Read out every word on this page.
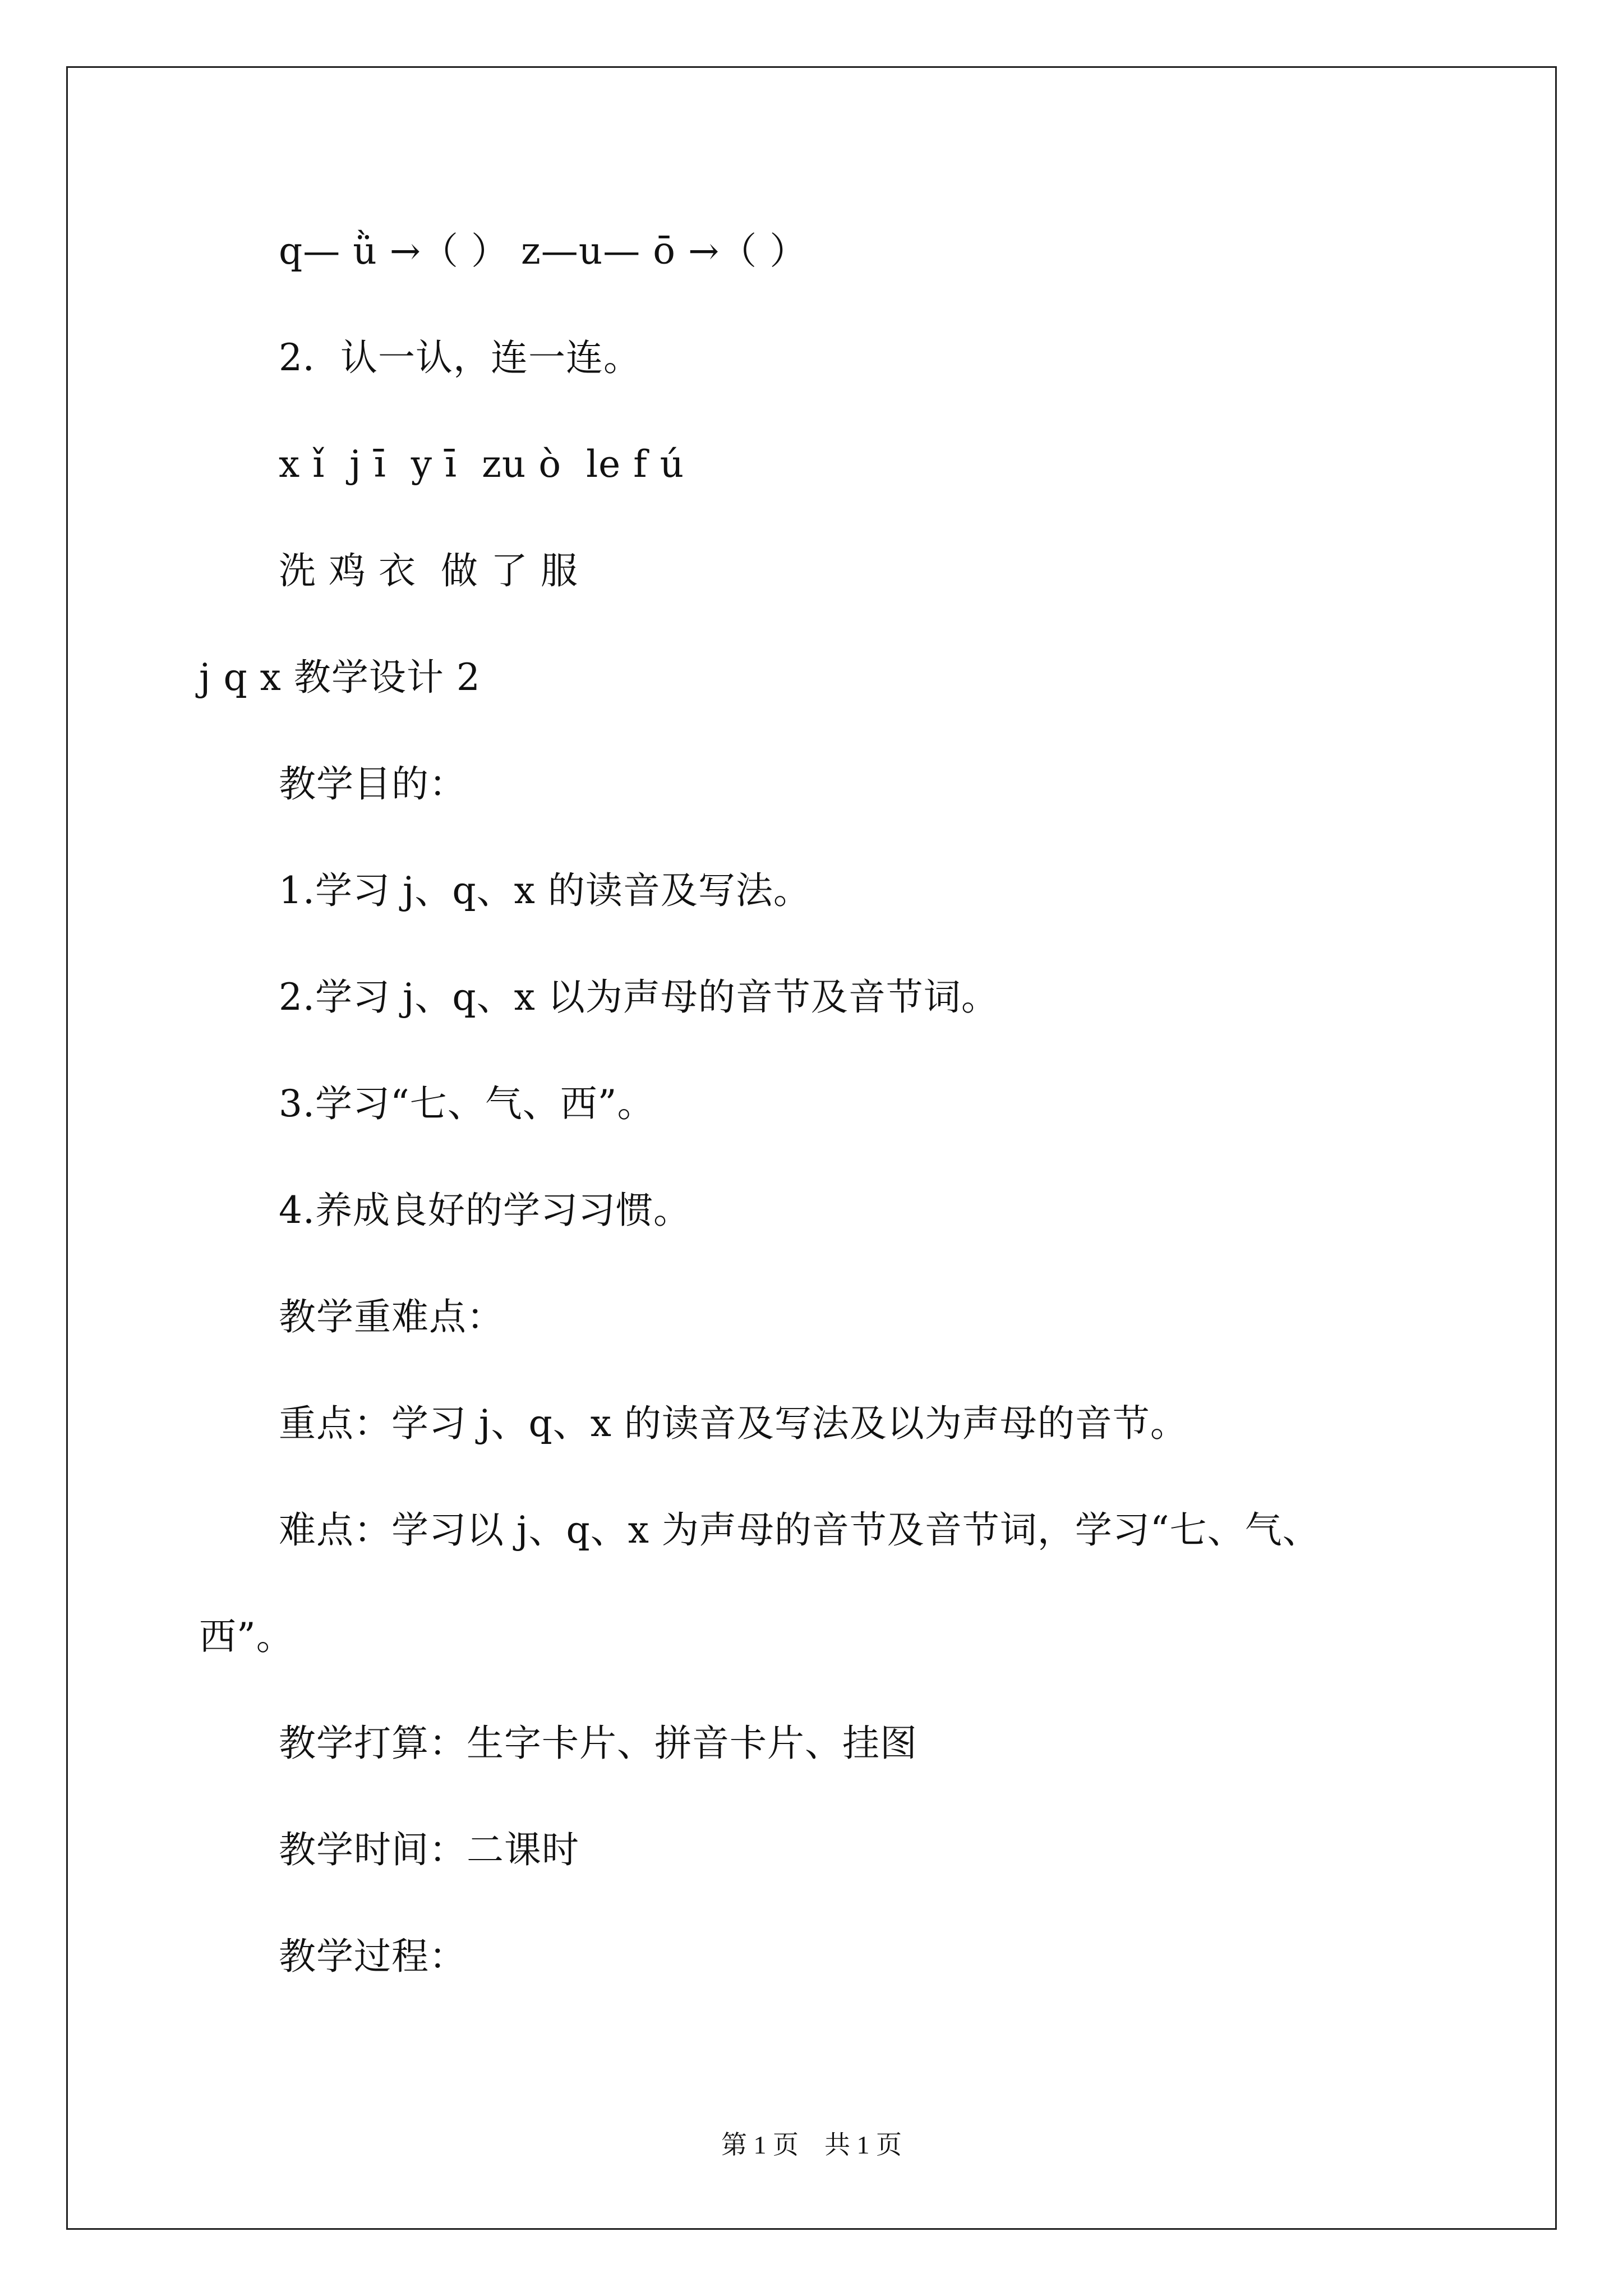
q— ǜ →（ ） z—u— ō →（ ）
2．认一认，连一连。
x ǐ  j ī  y ī  zu ò  le f ú
洗 鸡 衣  做 了 服
j q x 教学设计 2
教学目的：
1.学习 j、q、x 的读音及写法。
2.学习 j、q、x 以为声母的音节及音节词。
3.学习“七、气、西”。
4.养成良好的学习习惯。
教学重难点：
重点：学习 j、q、x 的读音及写法及以为声母的音节。
难点：学习以 j、q、x 为声母的音节及音节词，学习“七、气、
西”。
教学打算：生字卡片、拼音卡片、挂图
教学时间：二课时
教学过程：
第 1 页    共 1 页
